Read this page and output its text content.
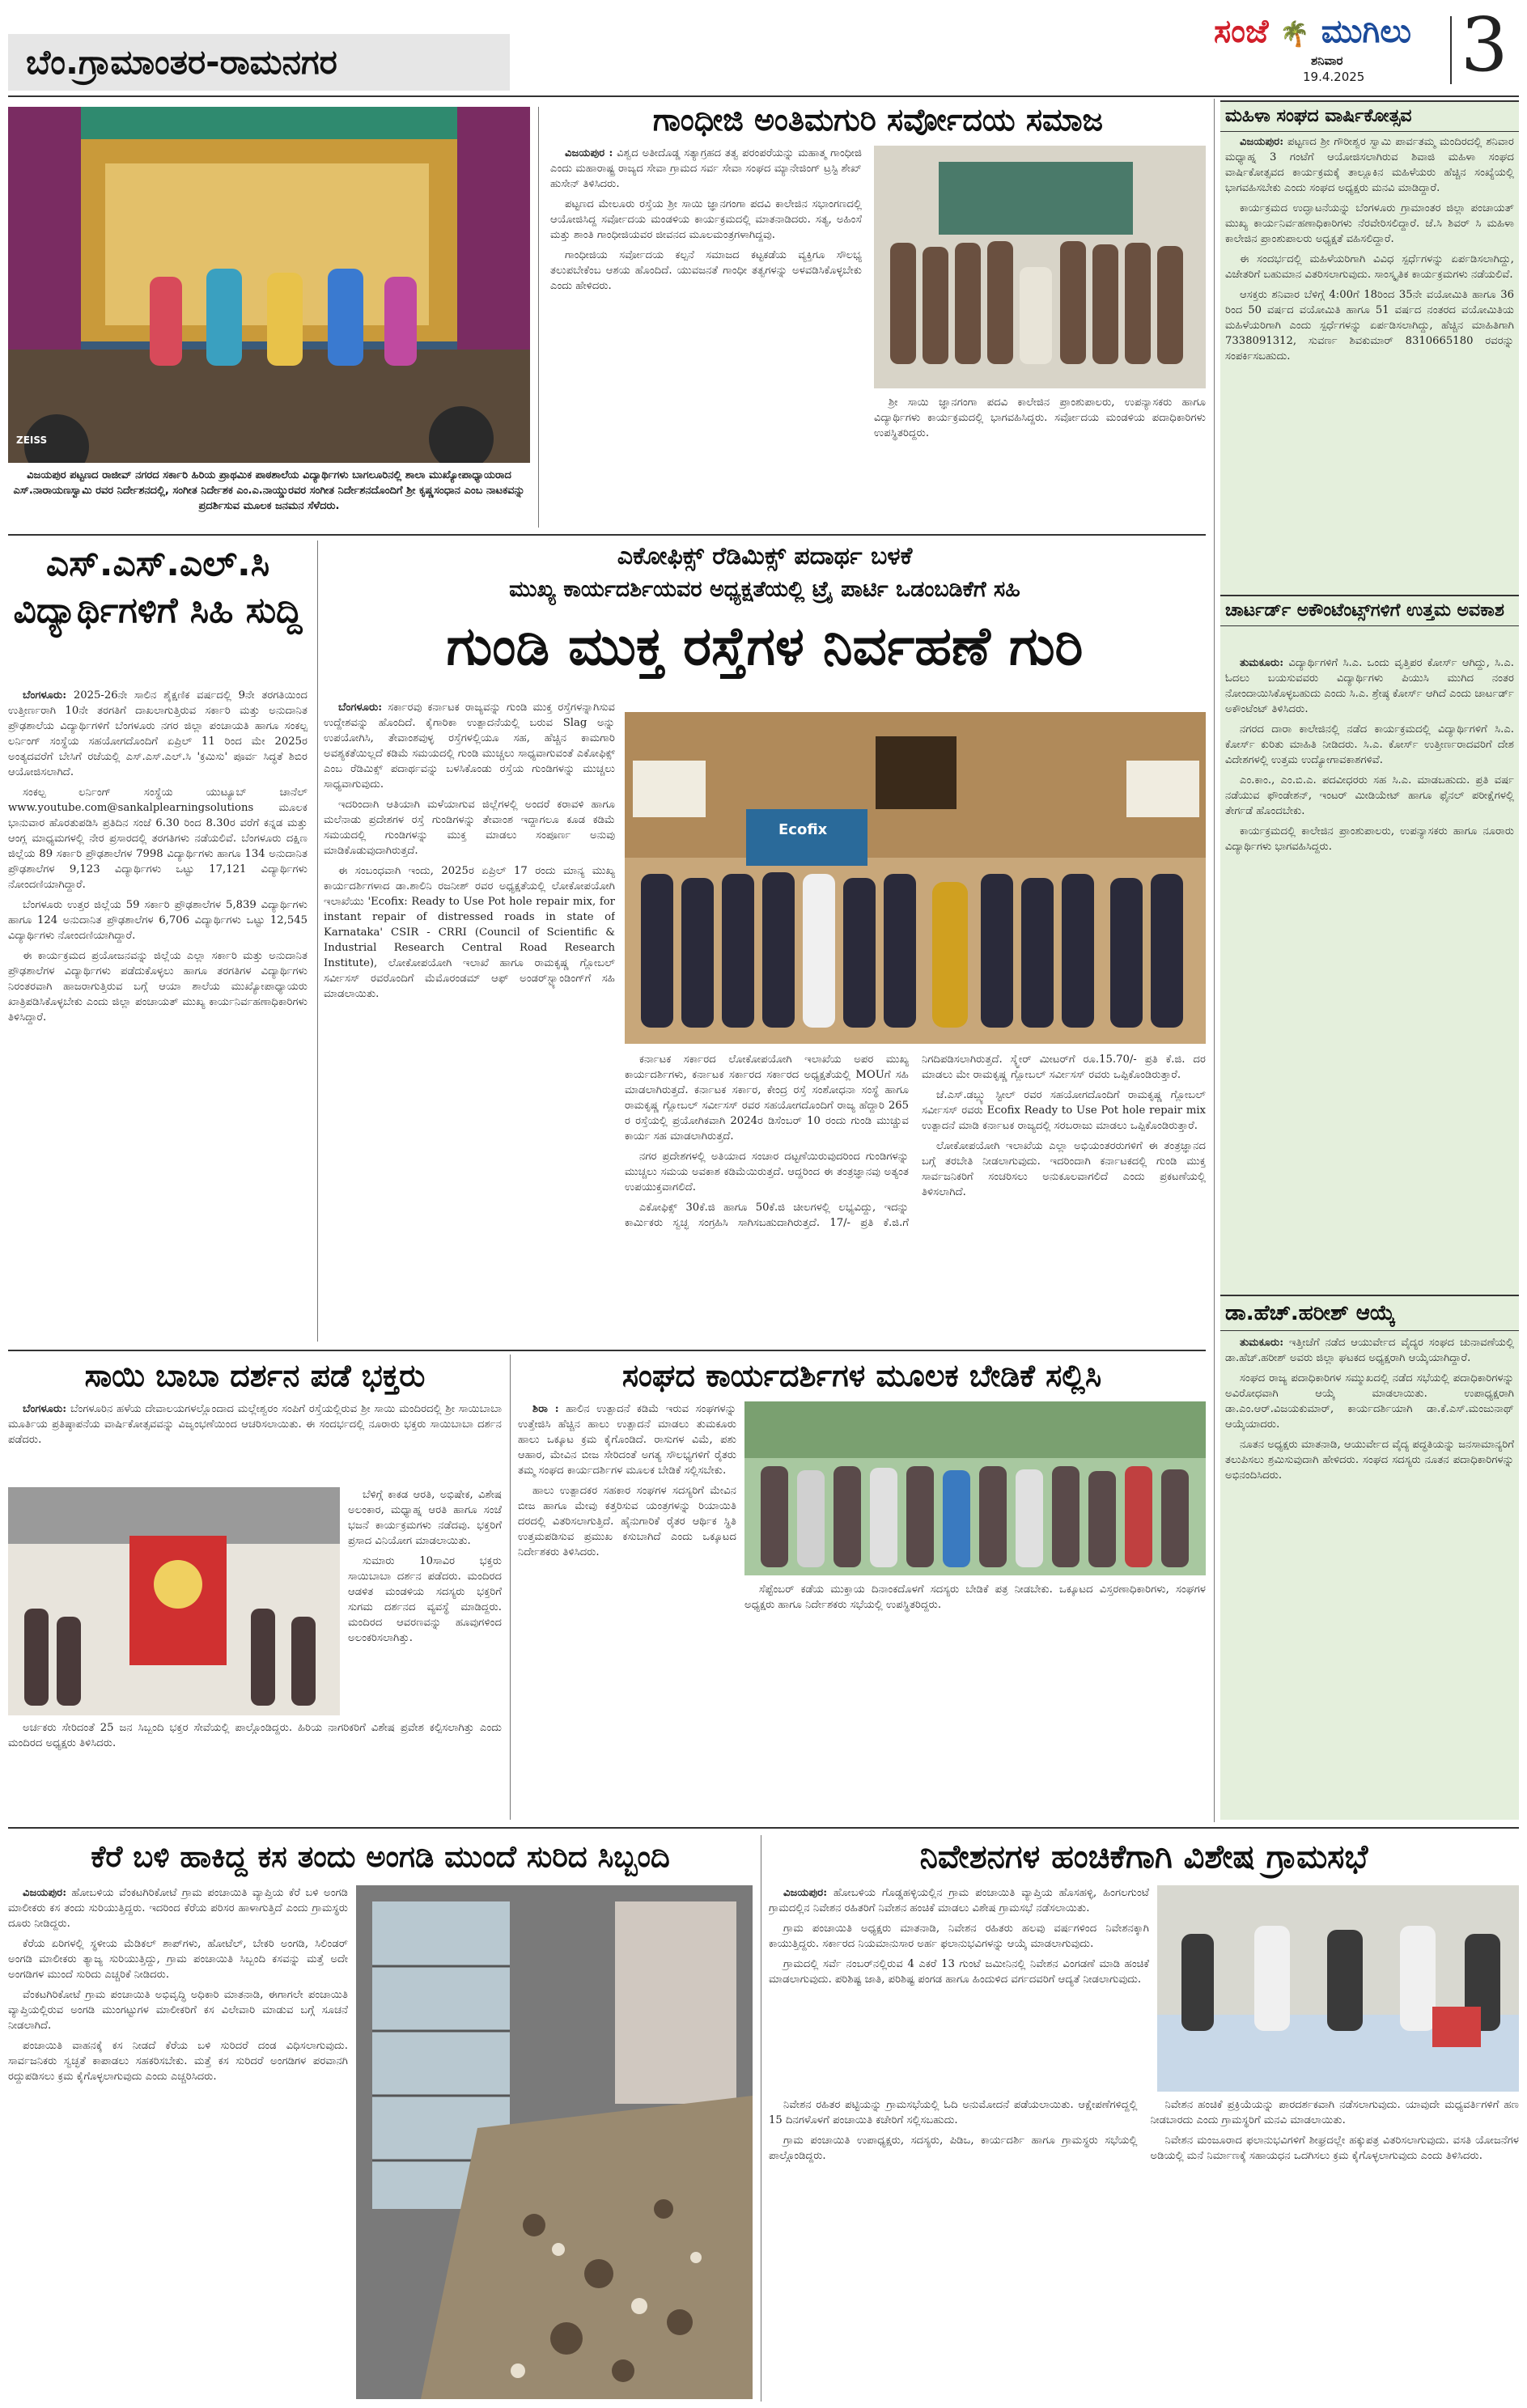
ಬೆಂ.ಗ್ರಾಮಾಂತರ-ರಾಮನಗರ
ಸಂಜೆ 🌴 ಮುಗಿಲು
ಶನಿವಾರ
19.4.2025 3
ZEISS
ವಿಜಯಪುರ ಪಟ್ಟಣದ ರಾಜೀವ್ ನಗರದ ಸರ್ಕಾರಿ ಹಿರಿಯ ಪ್ರಾಥಮಿಕ ಪಾಠಶಾಲೆಯ ವಿದ್ಯಾರ್ಥಿಗಳು ಬಾಗಲೂರಿನಲ್ಲಿ ಶಾಲಾ ಮುಖ್ಯೋಪಾಧ್ಯಾಯರಾದ ಎಸ್.ನಾರಾಯಣಸ್ವಾಮಿ ರವರ ನಿರ್ದೇಶನದಲ್ಲಿ, ಸಂಗೀತ ನಿರ್ದೇಶಕ ಎಂ.ಎ.ನಾಯ್ಡುರವರ ಸಂಗೀತ ನಿರ್ದೇಶನದೊಂದಿಗೆ ಶ್ರೀ ಕೃಷ್ಣಸಂಧಾನ ಎಂಬ ನಾಟಕವನ್ನು ಪ್ರದರ್ಶಿಸುವ ಮೂಲಕ ಜನಮನ ಸೆಳೆದರು.
ಗಾಂಧೀಜಿ ಅಂತಿಮಗುರಿ ಸರ್ವೋದಯ ಸಮಾಜ

ವಿಜಯಪುರ : ವಿಶ್ವದ ಅತೀದೊಡ್ಡ ಸತ್ಯಾಗ್ರಹದ ತತ್ವ ಪರಂಪರೆಯನ್ನು ಮಹಾತ್ಮ ಗಾಂಧೀಜಿ ಎಂದು ಮಹಾರಾಷ್ಟ್ರ ರಾಜ್ಯದ ಸೇವಾ ಗ್ರಾಮದ ಸರ್ವ ಸೇವಾ ಸಂಘದ ಮ್ಯಾನೇಜಿಂಗ್ ಟ್ರಸ್ಟಿ ಶೇಖ್ ಹುಸೇನ್ ತಿಳಿಸಿದರು.

ಪಟ್ಟಣದ ಮೇಲೂರು ರಸ್ತೆಯ ಶ್ರೀ ಸಾಯಿ ಜ್ಞಾನಗಂಗಾ ಪದವಿ ಕಾಲೇಜಿನ ಸಭಾಂಗಣದಲ್ಲಿ ಆಯೋಜಿಸಿದ್ದ ಸರ್ವೋದಯ ಮಂಡಳಿಯ ಕಾರ್ಯಕ್ರಮದಲ್ಲಿ ಮಾತನಾಡಿದರು. ಸತ್ಯ, ಅಹಿಂಸೆ ಮತ್ತು ಶಾಂತಿ ಗಾಂಧೀಜಿಯವರ ಜೀವನದ ಮೂಲಮಂತ್ರಗಳಾಗಿದ್ದವು.

ಗಾಂಧೀಜಿಯ ಸರ್ವೋದಯ ಕಲ್ಪನೆ ಸಮಾಜದ ಕಟ್ಟಕಡೆಯ ವ್ಯಕ್ತಿಗೂ ಸೌಲಭ್ಯ ತಲುಪಬೇಕೆಂಬ ಆಶಯ ಹೊಂದಿದೆ. ಯುವಜನತೆ ಗಾಂಧೀ ತತ್ವಗಳನ್ನು ಅಳವಡಿಸಿಕೊಳ್ಳಬೇಕು ಎಂದು ಹೇಳಿದರು.

ಶ್ರೀ ಸಾಯಿ ಜ್ಞಾನಗಂಗಾ ಪದವಿ ಕಾಲೇಜಿನ ಪ್ರಾಂಶುಪಾಲರು, ಉಪನ್ಯಾಸಕರು ಹಾಗೂ ವಿದ್ಯಾರ್ಥಿಗಳು ಕಾರ್ಯಕ್ರಮದಲ್ಲಿ ಭಾಗವಹಿಸಿದ್ದರು. ಸರ್ವೋದಯ ಮಂಡಳಿಯ ಪದಾಧಿಕಾರಿಗಳು ಉಪಸ್ಥಿತರಿದ್ದರು.

ಮಹಿಳಾ ಸಂಘದ ವಾರ್ಷಿಕೋತ್ಸವ

ವಿಜಯಪುರ: ಪಟ್ಟಣದ ಶ್ರೀ ಗೌರೀಶ್ವರ ಸ್ವಾಮಿ ಪಾರ್ವತಮ್ಮ ಮಂದಿರದಲ್ಲಿ ಶನಿವಾರ ಮಧ್ಯಾಹ್ನ 3 ಗಂಟೆಗೆ ಆಯೋಜಿಸಲಾಗಿರುವ ಶಿವಾಜಿ ಮಹಿಳಾ ಸಂಘದ ವಾರ್ಷಿಕೋತ್ಸವದ ಕಾರ್ಯಕ್ರಮಕ್ಕೆ ತಾಲ್ಲೂಕಿನ ಮಹಿಳೆಯರು ಹೆಚ್ಚಿನ ಸಂಖ್ಯೆಯಲ್ಲಿ ಭಾಗವಹಿಸಬೇಕು ಎಂದು ಸಂಘದ ಅಧ್ಯಕ್ಷರು ಮನವಿ ಮಾಡಿದ್ದಾರೆ.

ಕಾರ್ಯಕ್ರಮದ ಉದ್ಘಾಟನೆಯನ್ನು ಬೆಂಗಳೂರು ಗ್ರಾಮಾಂತರ ಜಿಲ್ಲಾ ಪಂಚಾಯತ್ ಮುಖ್ಯ ಕಾರ್ಯನಿರ್ವಹಣಾಧಿಕಾರಿಗಳು ನೆರವೇರಿಸಲಿದ್ದಾರೆ. ಜೆ.ಸಿ ಶಿವರ್ ಸಿ ಮಹಿಳಾ ಕಾಲೇಜಿನ ಪ್ರಾಂಶುಪಾಲರು ಅಧ್ಯಕ್ಷತೆ ವಹಿಸಲಿದ್ದಾರೆ.

ಈ ಸಂದರ್ಭದಲ್ಲಿ ಮಹಿಳೆಯರಿಗಾಗಿ ವಿವಿಧ ಸ್ಪರ್ಧೆಗಳನ್ನು ಏರ್ಪಡಿಸಲಾಗಿದ್ದು, ವಿಜೇತರಿಗೆ ಬಹುಮಾನ ವಿತರಿಸಲಾಗುವುದು. ಸಾಂಸ್ಕೃತಿಕ ಕಾರ್ಯಕ್ರಮಗಳು ನಡೆಯಲಿವೆ.

ಆಸಕ್ತರು ಶನಿವಾರ ಬೆಳಿಗ್ಗೆ 4:00ಗೆ 18ರಿಂದ 35ನೇ ವಯೋಮಿತಿ ಹಾಗೂ 36 ರಿಂದ 50 ವರ್ಷದ ವಯೋಮಿತಿ ಹಾಗೂ 51 ವರ್ಷದ ನಂತರದ ವಯೋಮಿತಿಯ ಮಹಿಳೆಯರಿಗಾಗಿ ಎಂದು ಸ್ಪರ್ಧೆಗಳನ್ನು ಏರ್ಪಡಿಸಲಾಗಿದ್ದು, ಹೆಚ್ಚಿನ ಮಾಹಿತಿಗಾಗಿ 7338091312, ಸುವರ್ಣ ಶಿವಕುಮಾರ್ 8310665180 ರವರನ್ನು ಸಂಪರ್ಕಿಸಬಹುದು.

ಚಾರ್ಟರ್ಡ್ ಅಕೌಂಟೆಂಟ್ಸ್‌ಗಳಿಗೆ ಉತ್ತಮ ಅವಕಾಶ

ತುಮಕೂರು: ವಿದ್ಯಾರ್ಥಿಗಳಿಗೆ ಸಿ.ಎ. ಒಂದು ವೃತ್ತಿಪರ ಕೋರ್ಸ್ ಆಗಿದ್ದು, ಸಿ.ಎ. ಓದಲು ಬಯಸುವವರು ವಿದ್ಯಾರ್ಥಿಗಳು ಪಿಯುಸಿ ಮುಗಿದ ನಂತರ ನೋಂದಾಯಿಸಿಕೊಳ್ಳಬಹುದು ಎಂದು ಸಿ.ಎ. ಶ್ರೇಷ್ಠ ಕೋರ್ಸ್ ಆಗಿದೆ ಎಂದು ಚಾರ್ಟರ್ಡ್ ಅಕೌಂಟೆಂಟ್ ತಿಳಿಸಿದರು.

ನಗರದ ದಾರಾ ಕಾಲೇಜಿನಲ್ಲಿ ನಡೆದ ಕಾರ್ಯಕ್ರಮದಲ್ಲಿ ವಿದ್ಯಾರ್ಥಿಗಳಿಗೆ ಸಿ.ಎ. ಕೋರ್ಸ್ ಕುರಿತು ಮಾಹಿತಿ ನೀಡಿದರು. ಸಿ.ಎ. ಕೋರ್ಸ್ ಉತ್ತೀರ್ಣರಾದವರಿಗೆ ದೇಶ ವಿದೇಶಗಳಲ್ಲಿ ಉತ್ತಮ ಉದ್ಯೋಗಾವಕಾಶಗಳಿವೆ.

ಎಂ.ಕಾಂ., ಎಂ.ಬಿ.ಎ. ಪದವೀಧರರು ಸಹ ಸಿ.ಎ. ಮಾಡಬಹುದು. ಪ್ರತಿ ವರ್ಷ ನಡೆಯುವ ಫೌಂಡೇಶನ್, ಇಂಟರ್ ಮೀಡಿಯೇಟ್ ಹಾಗೂ ಫೈನಲ್ ಪರೀಕ್ಷೆಗಳಲ್ಲಿ ತೇರ್ಗಡೆ ಹೊಂದಬೇಕು.

ಕಾರ್ಯಕ್ರಮದಲ್ಲಿ ಕಾಲೇಜಿನ ಪ್ರಾಂಶುಪಾಲರು, ಉಪನ್ಯಾಸಕರು ಹಾಗೂ ನೂರಾರು ವಿದ್ಯಾರ್ಥಿಗಳು ಭಾಗವಹಿಸಿದ್ದರು.

ಡಾ.ಹೆಚ್.ಹರೀಶ್ ಆಯ್ಕೆ

ತುಮಕೂರು: ಇತ್ತೀಚೆಗೆ ನಡೆದ ಆಯುರ್ವೇದ ವೈದ್ಯರ ಸಂಘದ ಚುನಾವಣೆಯಲ್ಲಿ ಡಾ.ಹೆಚ್.ಹರೀಶ್ ಅವರು ಜಿಲ್ಲಾ ಘಟಕದ ಅಧ್ಯಕ್ಷರಾಗಿ ಆಯ್ಕೆಯಾಗಿದ್ದಾರೆ.

ಸಂಘದ ರಾಜ್ಯ ಪದಾಧಿಕಾರಿಗಳ ಸಮ್ಮುಖದಲ್ಲಿ ನಡೆದ ಸಭೆಯಲ್ಲಿ ಪದಾಧಿಕಾರಿಗಳನ್ನು ಅವಿರೋಧವಾಗಿ ಆಯ್ಕೆ ಮಾಡಲಾಯಿತು. ಉಪಾಧ್ಯಕ್ಷರಾಗಿ ಡಾ.ಎಂ.ಆರ್.ವಿಜಯಕುಮಾರ್, ಕಾರ್ಯದರ್ಶಿಯಾಗಿ ಡಾ.ಕೆ.ಎಸ್.ಮಂಜುನಾಥ್ ಆಯ್ಕೆಯಾದರು.

ನೂತನ ಅಧ್ಯಕ್ಷರು ಮಾತನಾಡಿ, ಆಯುರ್ವೇದ ವೈದ್ಯ ಪದ್ಧತಿಯನ್ನು ಜನಸಾಮಾನ್ಯರಿಗೆ ತಲುಪಿಸಲು ಶ್ರಮಿಸುವುದಾಗಿ ಹೇಳಿದರು. ಸಂಘದ ಸದಸ್ಯರು ನೂತನ ಪದಾಧಿಕಾರಿಗಳನ್ನು ಅಭಿನಂದಿಸಿದರು.

ಎಸ್.ಎಸ್.ಎಲ್.ಸಿ ವಿದ್ಯಾರ್ಥಿಗಳಿಗೆ ಸಿಹಿ ಸುದ್ದಿ

ಬೆಂಗಳೂರು: 2025-26ನೇ ಸಾಲಿನ ಶೈಕ್ಷಣಿಕ ವರ್ಷದಲ್ಲಿ 9ನೇ ತರಗತಿಯಿಂದ ಉತ್ತೀರ್ಣರಾಗಿ 10ನೇ ತರಗತಿಗೆ ದಾಖಲಾಗುತ್ತಿರುವ ಸರ್ಕಾರಿ ಮತ್ತು ಅನುದಾನಿತ ಪ್ರೌಢಶಾಲೆಯ ವಿದ್ಯಾರ್ಥಿಗಳಿಗೆ ಬೆಂಗಳೂರು ನಗರ ಜಿಲ್ಲಾ ಪಂಚಾಯತಿ ಹಾಗೂ ಸಂಕಲ್ಪ ಲರ್ನಿಂಗ್ ಸಂಸ್ಥೆಯ ಸಹಯೋಗದೊಂದಿಗೆ ಏಪ್ರಿಲ್ 11 ರಿಂದ ಮೇ 2025ರ ಅಂತ್ಯದವರೆಗೆ ಬೇಸಿಗೆ ರಜೆಯಲ್ಲಿ ಎಸ್.ಎಸ್.ಎಲ್.ಸಿ 'ಕ್ರಮಿಸು' ಪೂರ್ವ ಸಿದ್ಧತೆ ಶಿಬಿರ ಆಯೋಜಿಸಲಾಗಿದೆ.

ಸಂಕಲ್ಪ ಲರ್ನಿಂಗ್ ಸಂಸ್ಥೆಯ ಯುಟ್ಯೂಬ್ ಚಾನೆಲ್ www.youtube.com@sankalplearningsolutions ಮೂಲಕ ಭಾನುವಾರ ಹೊರತುಪಡಿಸಿ ಪ್ರತಿದಿನ ಸಂಜೆ 6.30 ರಿಂದ 8.30ರ ವರೆಗೆ ಕನ್ನಡ ಮತ್ತು ಆಂಗ್ಲ ಮಾಧ್ಯಮಗಳಲ್ಲಿ ನೇರ ಪ್ರಸಾರದಲ್ಲಿ ತರಗತಿಗಳು ನಡೆಯಲಿವೆ. ಬೆಂಗಳೂರು ದಕ್ಷಿಣ ಜಿಲ್ಲೆಯ 89 ಸರ್ಕಾರಿ ಪ್ರೌಢಶಾಲೆಗಳ 7998 ವಿದ್ಯಾರ್ಥಿಗಳು ಹಾಗೂ 134 ಅನುದಾನಿತ ಪ್ರೌಢಶಾಲೆಗಳ 9,123 ವಿದ್ಯಾರ್ಥಿಗಳು ಒಟ್ಟು 17,121 ವಿದ್ಯಾರ್ಥಿಗಳು ನೋಂದಣಿಯಾಗಿದ್ದಾರೆ.

ಬೆಂಗಳೂರು ಉತ್ತರ ಜಿಲ್ಲೆಯ 59 ಸರ್ಕಾರಿ ಪ್ರೌಢಶಾಲೆಗಳ 5,839 ವಿದ್ಯಾರ್ಥಿಗಳು ಹಾಗೂ 124 ಅನುದಾನಿತ ಪ್ರೌಢಶಾಲೆಗಳ 6,706 ವಿದ್ಯಾರ್ಥಿಗಳು ಒಟ್ಟು 12,545 ವಿದ್ಯಾರ್ಥಿಗಳು ನೋಂದಣಿಯಾಗಿದ್ದಾರೆ.

ಈ ಕಾರ್ಯಕ್ರಮದ ಪ್ರಯೋಜನವನ್ನು ಜಿಲ್ಲೆಯ ಎಲ್ಲಾ ಸರ್ಕಾರಿ ಮತ್ತು ಅನುದಾನಿತ ಪ್ರೌಢಶಾಲೆಗಳ ವಿದ್ಯಾರ್ಥಿಗಳು ಪಡೆದುಕೊಳ್ಳಲು ಹಾಗೂ ತರಗತಿಗಳ ವಿದ್ಯಾರ್ಥಿಗಳು ನಿರಂತರವಾಗಿ ಹಾಜರಾಗುತ್ತಿರುವ ಬಗ್ಗೆ ಆಯಾ ಶಾಲೆಯ ಮುಖ್ಯೋಪಾಧ್ಯಾಯರು ಖಾತ್ರಿಪಡಿಸಿಕೊಳ್ಳಬೇಕು ಎಂದು ಜಿಲ್ಲಾ ಪಂಚಾಯತ್ ಮುಖ್ಯ ಕಾರ್ಯನಿರ್ವಹಣಾಧಿಕಾರಿಗಳು ತಿಳಿಸಿದ್ದಾರೆ.

ಎಕೋಫಿಕ್ಸ್ ರೆಡಿಮಿಕ್ಸ್ ಪದಾರ್ಥ ಬಳಕೆ
ಮುಖ್ಯ ಕಾರ್ಯದರ್ಶಿಯವರ ಅಧ್ಯಕ್ಷತೆಯಲ್ಲಿ ಟ್ರೈ ಪಾರ್ಟಿ ಒಡಂಬಡಿಕೆಗೆ ಸಹಿ
ಗುಂಡಿ ಮುಕ್ತ ರಸ್ತೆಗಳ ನಿರ್ವಹಣೆ ಗುರಿ

ಬೆಂಗಳೂರು: ಸರ್ಕಾರವು ಕರ್ನಾಟಕ ರಾಜ್ಯವನ್ನು ಗುಂಡಿ ಮುಕ್ತ ರಸ್ತೆಗಳನ್ನಾಗಿಸುವ ಉದ್ದೇಶವನ್ನು ಹೊಂದಿದೆ. ಕೈಗಾರಿಕಾ ಉತ್ಪಾದನೆಯಲ್ಲಿ ಬರುವ Slag ಅನ್ನು ಉಪಯೋಗಿಸಿ, ತೇವಾಂಶವುಳ್ಳ ರಸ್ತೆಗಳಲ್ಲಿಯೂ ಸಹ, ಹೆಚ್ಚಿನ ಕಾಮಗಾರಿ ಅವಶ್ಯಕತೆಯಿಲ್ಲದೆ ಕಡಿಮೆ ಸಮಯದಲ್ಲಿ ಗುಂಡಿ ಮುಚ್ಚಲು ಸಾಧ್ಯವಾಗುವಂತೆ ಎಕೋಫಿಕ್ಸ್ ಎಂಬ ರೆಡಿಮಿಕ್ಸ್ ಪದಾರ್ಥವನ್ನು ಬಳಸಿಕೊಂಡು ರಸ್ತೆಯ ಗುಂಡಿಗಳನ್ನು ಮುಚ್ಚಲು ಸಾಧ್ಯವಾಗುವುದು.

ಇದರಿಂದಾಗಿ ಆತಿಯಾಗಿ ಮಳೆಯಾಗುವ ಜಿಲ್ಲೆಗಳಲ್ಲಿ ಅಂದರೆ ಕರಾವಳಿ ಹಾಗೂ ಮಲೆನಾಡು ಪ್ರದೇಶಗಳ ರಸ್ತೆ ಗುಂಡಿಗಳನ್ನು ತೇವಾಂಶ ಇದ್ದಾಗಲೂ ಕೂಡ ಕಡಿಮೆ ಸಮಯದಲ್ಲಿ ಗುಂಡಿಗಳನ್ನು ಮುಕ್ತ ಮಾಡಲು ಸಂಪೂರ್ಣ ಅನುವು ಮಾಡಿಕೊಡುವುದಾಗಿರುತ್ತದೆ.

ಈ ಸಂಬಂಧವಾಗಿ ಇಂದು, 2025ರ ಏಪ್ರಿಲ್ 17 ರಂದು ಮಾನ್ಯ ಮುಖ್ಯ ಕಾರ್ಯದರ್ಶಿಗಳಾದ ಡಾ.ಶಾಲಿನಿ ರಜನೀಶ್ ರವರ ಅಧ್ಯಕ್ಷತೆಯಲ್ಲಿ ಲೋಕೋಪಯೋಗಿ ಇಲಾಖೆಯು 'Ecofix: Ready to Use Pot hole repair mix, for instant repair of distressed roads in state of Karnataka' CSIR - CRRI (Council of Scientific & Industrial Research Central Road Research Institute), ಲೋಕೋಪಯೋಗಿ ಇಲಾಖೆ ಹಾಗೂ ರಾಮಕೃಷ್ಣ ಗ್ಲೋಬಲ್ ಸರ್ವೀಸಸ್ ರವರೊಂದಿಗೆ ಮೆಮೊರಂಡಮ್ ಆಫ್ ಅಂಡರ್‌ಸ್ಟ್ಯಾಂಡಿಂಗ್‌ಗೆ ಸಹಿ ಮಾಡಲಾಯಿತು.

Ecofix

ಕರ್ನಾಟಕ ಸರ್ಕಾರದ ಲೋಕೋಪಯೋಗಿ ಇಲಾಖೆಯ ಅಪರ ಮುಖ್ಯ ಕಾರ್ಯದರ್ಶಿಗಳು, ಕರ್ನಾಟಕ ಸರ್ಕಾರದ ಸರ್ಕಾರದ ಅಧ್ಯಕ್ಷತೆಯಲ್ಲಿ MOUಗೆ ಸಹಿ ಮಾಡಲಾಗಿರುತ್ತದೆ. ಕರ್ನಾಟಕ ಸರ್ಕಾರ, ಕೇಂದ್ರ ರಸ್ತೆ ಸಂಶೋಧನಾ ಸಂಸ್ಥೆ ಹಾಗೂ ರಾಮಕೃಷ್ಣ ಗ್ಲೋಬಲ್ ಸರ್ವೀಸಸ್ ರವರ ಸಹಯೋಗದೊಂದಿಗೆ ರಾಜ್ಯ ಹೆದ್ದಾರಿ 265 ರ ರಸ್ತೆಯಲ್ಲಿ ಪ್ರಯೋಗಿಕವಾಗಿ 2024ರ ಡಿಸೆಂಬರ್ 10 ರಂದು ಗುಂಡಿ ಮುಚ್ಚುವ ಕಾರ್ಯ ಸಹ ಮಾಡಲಾಗಿರುತ್ತದೆ.

ನಗರ ಪ್ರದೇಶಗಳಲ್ಲಿ ಅತಿಯಾದ ಸಂಚಾರ ದಟ್ಟಣೆಯಿರುವುದರಿಂದ ಗುಂಡಿಗಳನ್ನು ಮುಚ್ಚಲು ಸಮಯ ಅವಕಾಶ ಕಡಿಮೆಯಿರುತ್ತದೆ. ಆದ್ದರಿಂದ ಈ ತಂತ್ರಜ್ಞಾನವು ಅತ್ಯಂತ ಉಪಯುಕ್ತವಾಗಲಿದೆ.

ಎಕೋಫಿಕ್ಸ್ 30ಕೆ.ಜಿ ಹಾಗೂ 50ಕೆ.ಜಿ ಚೀಲಗಳಲ್ಲಿ ಲಭ್ಯವಿದ್ದು, ಇದನ್ನು ಕಾರ್ಮಿಕರು ಸ್ವಚ್ಛ ಸಂಗ್ರಹಿಸಿ ಸಾಗಿಸಬಹುದಾಗಿರುತ್ತದೆ. 17/- ಪ್ರತಿ ಕೆ.ಜಿ.ಗೆ ನಿಗದಿಪಡಿಸಲಾಗಿರುತ್ತದೆ. ಸ್ಕ್ವೇರ್ ಮೀಟರ್‌ಗೆ ರೂ.15.70/- ಪ್ರತಿ ಕೆ.ಜಿ. ದರ ಮಾಡಲು ಮೇ ರಾಮಕೃಷ್ಣ ಗ್ಲೋಬಲ್ ಸರ್ವೀಸಸ್ ರವರು ಒಪ್ಪಿಕೊಂಡಿರುತ್ತಾರೆ.

ಜೆ.ಎಸ್.ಡಬ್ಲ್ಯು ಸ್ಟೀಲ್ ರವರ ಸಹಯೋಗದೊಂದಿಗೆ ರಾಮಕೃಷ್ಣ ಗ್ಲೋಬಲ್ ಸರ್ವೀಸಸ್ ರವರು Ecofix Ready to Use Pot hole repair mix ಉತ್ಪಾದನೆ ಮಾಡಿ ಕರ್ನಾಟಕ ರಾಜ್ಯದಲ್ಲಿ ಸರಬರಾಜು ಮಾಡಲು ಒಪ್ಪಿಕೊಂಡಿರುತ್ತಾರೆ.

ಲೋಕೋಪಯೋಗಿ ಇಲಾಖೆಯ ಎಲ್ಲಾ ಅಭಿಯಂತರರುಗಳಿಗೆ ಈ ತಂತ್ರಜ್ಞಾನದ ಬಗ್ಗೆ ತರಬೇತಿ ನೀಡಲಾಗುವುದು. ಇದರಿಂದಾಗಿ ಕರ್ನಾಟಕದಲ್ಲಿ ಗುಂಡಿ ಮುಕ್ತ ಸಾರ್ವಜನಿಕರಿಗೆ ಸಂಚರಿಸಲು ಅನುಕೂಲವಾಗಲಿದೆ ಎಂದು ಪ್ರಕಟಣೆಯಲ್ಲಿ ತಿಳಿಸಲಾಗಿದೆ.

ಸಾಯಿ ಬಾಬಾ ದರ್ಶನ ಪಡೆ ಭಕ್ತರು

ಬೆಂಗಳೂರು: ಬೆಂಗಳೂರಿನ ಹಳೆಯ ದೇವಾಲಯಗಳಲ್ಲೊಂದಾದ ಮಲ್ಲೇಶ್ವರಂ ಸಂಪಿಗೆ ರಸ್ತೆಯಲ್ಲಿರುವ ಶ್ರೀ ಸಾಯಿ ಮಂದಿರದಲ್ಲಿ ಶ್ರೀ ಸಾಯಿಬಾಬಾ ಮೂರ್ತಿಯ ಪ್ರತಿಷ್ಠಾಪನೆಯ ವಾರ್ಷಿಕೋತ್ಸವವನ್ನು ವಿಜೃಂಭಣೆಯಿಂದ ಆಚರಿಸಲಾಯಿತು. ಈ ಸಂದರ್ಭದಲ್ಲಿ ನೂರಾರು ಭಕ್ತರು ಸಾಯಿಬಾಬಾ ದರ್ಶನ ಪಡೆದರು.

ಬೆಳಿಗ್ಗೆ ಕಾಕಡ ಆರತಿ, ಅಭಿಷೇಕ, ವಿಶೇಷ ಅಲಂಕಾರ, ಮಧ್ಯಾಹ್ನ ಆರತಿ ಹಾಗೂ ಸಂಜೆ ಭಜನೆ ಕಾರ್ಯಕ್ರಮಗಳು ನಡೆದವು. ಭಕ್ತರಿಗೆ ಪ್ರಸಾದ ವಿನಿಯೋಗ ಮಾಡಲಾಯಿತು.

ಸುಮಾರು 10ಸಾವಿರ ಭಕ್ತರು ಸಾಯಿಬಾಬಾ ದರ್ಶನ ಪಡೆದರು. ಮಂದಿರದ ಆಡಳಿತ ಮಂಡಳಿಯ ಸದಸ್ಯರು ಭಕ್ತರಿಗೆ ಸುಗಮ ದರ್ಶನದ ವ್ಯವಸ್ಥೆ ಮಾಡಿದ್ದರು. ಮಂದಿರದ ಆವರಣವನ್ನು ಹೂವುಗಳಿಂದ ಅಲಂಕರಿಸಲಾಗಿತ್ತು.

ಅರ್ಚಕರು ಸೇರಿದಂತೆ 25 ಜನ ಸಿಬ್ಬಂದಿ ಭಕ್ತರ ಸೇವೆಯಲ್ಲಿ ಪಾಲ್ಗೊಂಡಿದ್ದರು. ಹಿರಿಯ ನಾಗರಿಕರಿಗೆ ವಿಶೇಷ ಪ್ರವೇಶ ಕಲ್ಪಿಸಲಾಗಿತ್ತು ಎಂದು ಮಂದಿರದ ಅಧ್ಯಕ್ಷರು ತಿಳಿಸಿದರು.

ಸಂಘದ ಕಾರ್ಯದರ್ಶಿಗಳ ಮೂಲಕ ಬೇಡಿಕೆ ಸಲ್ಲಿಸಿ

ಶಿರಾ : ಹಾಲಿನ ಉತ್ಪಾದನೆ ಕಡಿಮೆ ಇರುವ ಸಂಘಗಳನ್ನು ಉತ್ತೇಜಿಸಿ ಹೆಚ್ಚಿನ ಹಾಲು ಉತ್ಪಾದನೆ ಮಾಡಲು ತುಮಕೂರು ಹಾಲು ಒಕ್ಕೂಟ ಕ್ರಮ ಕೈಗೊಂಡಿದೆ. ರಾಸುಗಳ ವಿಮೆ, ಪಶು ಆಹಾರ, ಮೇವಿನ ಬೀಜ ಸೇರಿದಂತೆ ಅಗತ್ಯ ಸೌಲಭ್ಯಗಳಿಗೆ ರೈತರು ತಮ್ಮ ಸಂಘದ ಕಾರ್ಯದರ್ಶಿಗಳ ಮೂಲಕ ಬೇಡಿಕೆ ಸಲ್ಲಿಸಬೇಕು.

ಹಾಲು ಉತ್ಪಾದಕರ ಸಹಕಾರ ಸಂಘಗಳ ಸದಸ್ಯರಿಗೆ ಮೇವಿನ ಬೀಜ ಹಾಗೂ ಮೇವು ಕತ್ತರಿಸುವ ಯಂತ್ರಗಳನ್ನು ರಿಯಾಯಿತಿ ದರದಲ್ಲಿ ವಿತರಿಸಲಾಗುತ್ತಿದೆ. ಹೈನುಗಾರಿಕೆ ರೈತರ ಆರ್ಥಿಕ ಸ್ಥಿತಿ ಉತ್ತಮಪಡಿಸುವ ಪ್ರಮುಖ ಕಸುಬಾಗಿದೆ ಎಂದು ಒಕ್ಕೂಟದ ನಿರ್ದೇಶಕರು ತಿಳಿಸಿದರು.

ಸೆಪ್ಟೆಂಬರ್ ಕಡೆಯ ಮುಕ್ತಾಯ ದಿನಾಂಕದೊಳಗೆ ಸದಸ್ಯರು ಬೇಡಿಕೆ ಪತ್ರ ನೀಡಬೇಕು. ಒಕ್ಕೂಟದ ವಿಸ್ತರಣಾಧಿಕಾರಿಗಳು, ಸಂಘಗಳ ಅಧ್ಯಕ್ಷರು ಹಾಗೂ ನಿರ್ದೇಶಕರು ಸಭೆಯಲ್ಲಿ ಉಪಸ್ಥಿತರಿದ್ದರು.

ಕೆರೆ ಬಳಿ ಹಾಕಿದ್ದ ಕಸ ತಂದು ಅಂಗಡಿ ಮುಂದೆ ಸುರಿದ ಸಿಬ್ಬಂದಿ

ವಿಜಯಪುರ: ಹೋಬಳಿಯ ವೆಂಕಟಗಿರಿಕೋಟೆ ಗ್ರಾಮ ಪಂಚಾಯಿತಿ ವ್ಯಾಪ್ತಿಯ ಕೆರೆ ಬಳಿ ಅಂಗಡಿ ಮಾಲೀಕರು ಕಸ ತಂದು ಸುರಿಯುತ್ತಿದ್ದರು. ಇದರಿಂದ ಕೆರೆಯ ಪರಿಸರ ಹಾಳಾಗುತ್ತಿದೆ ಎಂದು ಗ್ರಾಮಸ್ಥರು ದೂರು ನೀಡಿದ್ದರು.

ಕೆರೆಯ ಏರಿಗಳಲ್ಲಿ ಸ್ಥಳೀಯ ಮೆಡಿಕಲ್ ಶಾಪ್‌ಗಳು, ಹೋಟೆಲ್, ಬೇಕರಿ ಅಂಗಡಿ, ಸಿಲಿಂಡರ್ ಅಂಗಡಿ ಮಾಲೀಕರು ತ್ಯಾಜ್ಯ ಸುರಿಯುತ್ತಿದ್ದು, ಗ್ರಾಮ ಪಂಚಾಯಿತಿ ಸಿಬ್ಬಂದಿ ಕಸವನ್ನು ಮತ್ತೆ ಅದೇ ಅಂಗಡಿಗಳ ಮುಂದೆ ಸುರಿದು ಎಚ್ಚರಿಕೆ ನೀಡಿದರು.

ವೆಂಕಟಗಿರಿಕೋಟೆ ಗ್ರಾಮ ಪಂಚಾಯಿತಿ ಅಭಿವೃದ್ಧಿ ಅಧಿಕಾರಿ ಮಾತನಾಡಿ, ಈಗಾಗಲೇ ಪಂಚಾಯಿತಿ ವ್ಯಾಪ್ತಿಯಲ್ಲಿರುವ ಅಂಗಡಿ ಮುಂಗಟ್ಟುಗಳ ಮಾಲೀಕರಿಗೆ ಕಸ ವಿಲೇವಾರಿ ಮಾಡುವ ಬಗ್ಗೆ ಸೂಚನೆ ನೀಡಲಾಗಿದೆ.

ಪಂಚಾಯಿತಿ ವಾಹನಕ್ಕೆ ಕಸ ನೀಡದೆ ಕೆರೆಯ ಬಳಿ ಸುರಿದರೆ ದಂಡ ವಿಧಿಸಲಾಗುವುದು. ಸಾರ್ವಜನಿಕರು ಸ್ವಚ್ಛತೆ ಕಾಪಾಡಲು ಸಹಕರಿಸಬೇಕು. ಮತ್ತೆ ಕಸ ಸುರಿದರೆ ಅಂಗಡಿಗಳ ಪರವಾನಗಿ ರದ್ದುಪಡಿಸಲು ಕ್ರಮ ಕೈಗೊಳ್ಳಲಾಗುವುದು ಎಂದು ಎಚ್ಚರಿಸಿದರು.

ನಿವೇಶನಗಳ ಹಂಚಿಕೆಗಾಗಿ ವಿಶೇಷ ಗ್ರಾಮಸಭೆ

ವಿಜಯಪುರ: ಹೋಬಳಿಯ ಗೊಡ್ಡಹಳ್ಳಿಯಲ್ಲಿನ ಗ್ರಾಮ ಪಂಚಾಯಿತಿ ವ್ಯಾಪ್ತಿಯ ಹೊಸಹಳ್ಳಿ, ಹಿಂಗಲಗುಂಟೆ ಗ್ರಾಮದಲ್ಲಿನ ನಿವೇಶನ ರಹಿತರಿಗೆ ನಿವೇಶನ ಹಂಚಿಕೆ ಮಾಡಲು ವಿಶೇಷ ಗ್ರಾಮಸಭೆ ನಡೆಸಲಾಯಿತು.

ಗ್ರಾಮ ಪಂಚಾಯಿತಿ ಅಧ್ಯಕ್ಷರು ಮಾತನಾಡಿ, ನಿವೇಶನ ರಹಿತರು ಹಲವು ವರ್ಷಗಳಿಂದ ನಿವೇಶನಕ್ಕಾಗಿ ಕಾಯುತ್ತಿದ್ದರು. ಸರ್ಕಾರದ ನಿಯಮಾನುಸಾರ ಅರ್ಹ ಫಲಾನುಭವಿಗಳನ್ನು ಆಯ್ಕೆ ಮಾಡಲಾಗುವುದು.

ಗ್ರಾಮದಲ್ಲಿ ಸರ್ವೆ ನಂಬರ್‌ನಲ್ಲಿರುವ 4 ಎಕರೆ 13 ಗುಂಟೆ ಜಮೀನಿನಲ್ಲಿ ನಿವೇಶನ ವಿಂಗಡಣೆ ಮಾಡಿ ಹಂಚಿಕೆ ಮಾಡಲಾಗುವುದು. ಪರಿಶಿಷ್ಟ ಜಾತಿ, ಪರಿಶಿಷ್ಟ ಪಂಗಡ ಹಾಗೂ ಹಿಂದುಳಿದ ವರ್ಗದವರಿಗೆ ಆದ್ಯತೆ ನೀಡಲಾಗುವುದು.

ನಿವೇಶನ ರಹಿತರ ಪಟ್ಟಿಯನ್ನು ಗ್ರಾಮಸಭೆಯಲ್ಲಿ ಓದಿ ಅನುಮೋದನೆ ಪಡೆಯಲಾಯಿತು. ಆಕ್ಷೇಪಣೆಗಳಿದ್ದಲ್ಲಿ 15 ದಿನಗಳೊಳಗೆ ಪಂಚಾಯಿತಿ ಕಚೇರಿಗೆ ಸಲ್ಲಿಸಬಹುದು.

ಗ್ರಾಮ ಪಂಚಾಯಿತಿ ಉಪಾಧ್ಯಕ್ಷರು, ಸದಸ್ಯರು, ಪಿಡಿಒ, ಕಾರ್ಯದರ್ಶಿ ಹಾಗೂ ಗ್ರಾಮಸ್ಥರು ಸಭೆಯಲ್ಲಿ ಪಾಲ್ಗೊಂಡಿದ್ದರು.

ನಿವೇಶನ ಹಂಚಿಕೆ ಪ್ರಕ್ರಿಯೆಯನ್ನು ಪಾರದರ್ಶಕವಾಗಿ ನಡೆಸಲಾಗುವುದು. ಯಾವುದೇ ಮಧ್ಯವರ್ತಿಗಳಿಗೆ ಹಣ ನೀಡಬಾರದು ಎಂದು ಗ್ರಾಮಸ್ಥರಿಗೆ ಮನವಿ ಮಾಡಲಾಯಿತು.

ನಿವೇಶನ ಮಂಜೂರಾದ ಫಲಾನುಭವಿಗಳಿಗೆ ಶೀಘ್ರದಲ್ಲೇ ಹಕ್ಕುಪತ್ರ ವಿತರಿಸಲಾಗುವುದು. ವಸತಿ ಯೋಜನೆಗಳ ಅಡಿಯಲ್ಲಿ ಮನೆ ನಿರ್ಮಾಣಕ್ಕೆ ಸಹಾಯಧನ ಒದಗಿಸಲು ಕ್ರಮ ಕೈಗೊಳ್ಳಲಾಗುವುದು ಎಂದು ತಿಳಿಸಿದರು.
